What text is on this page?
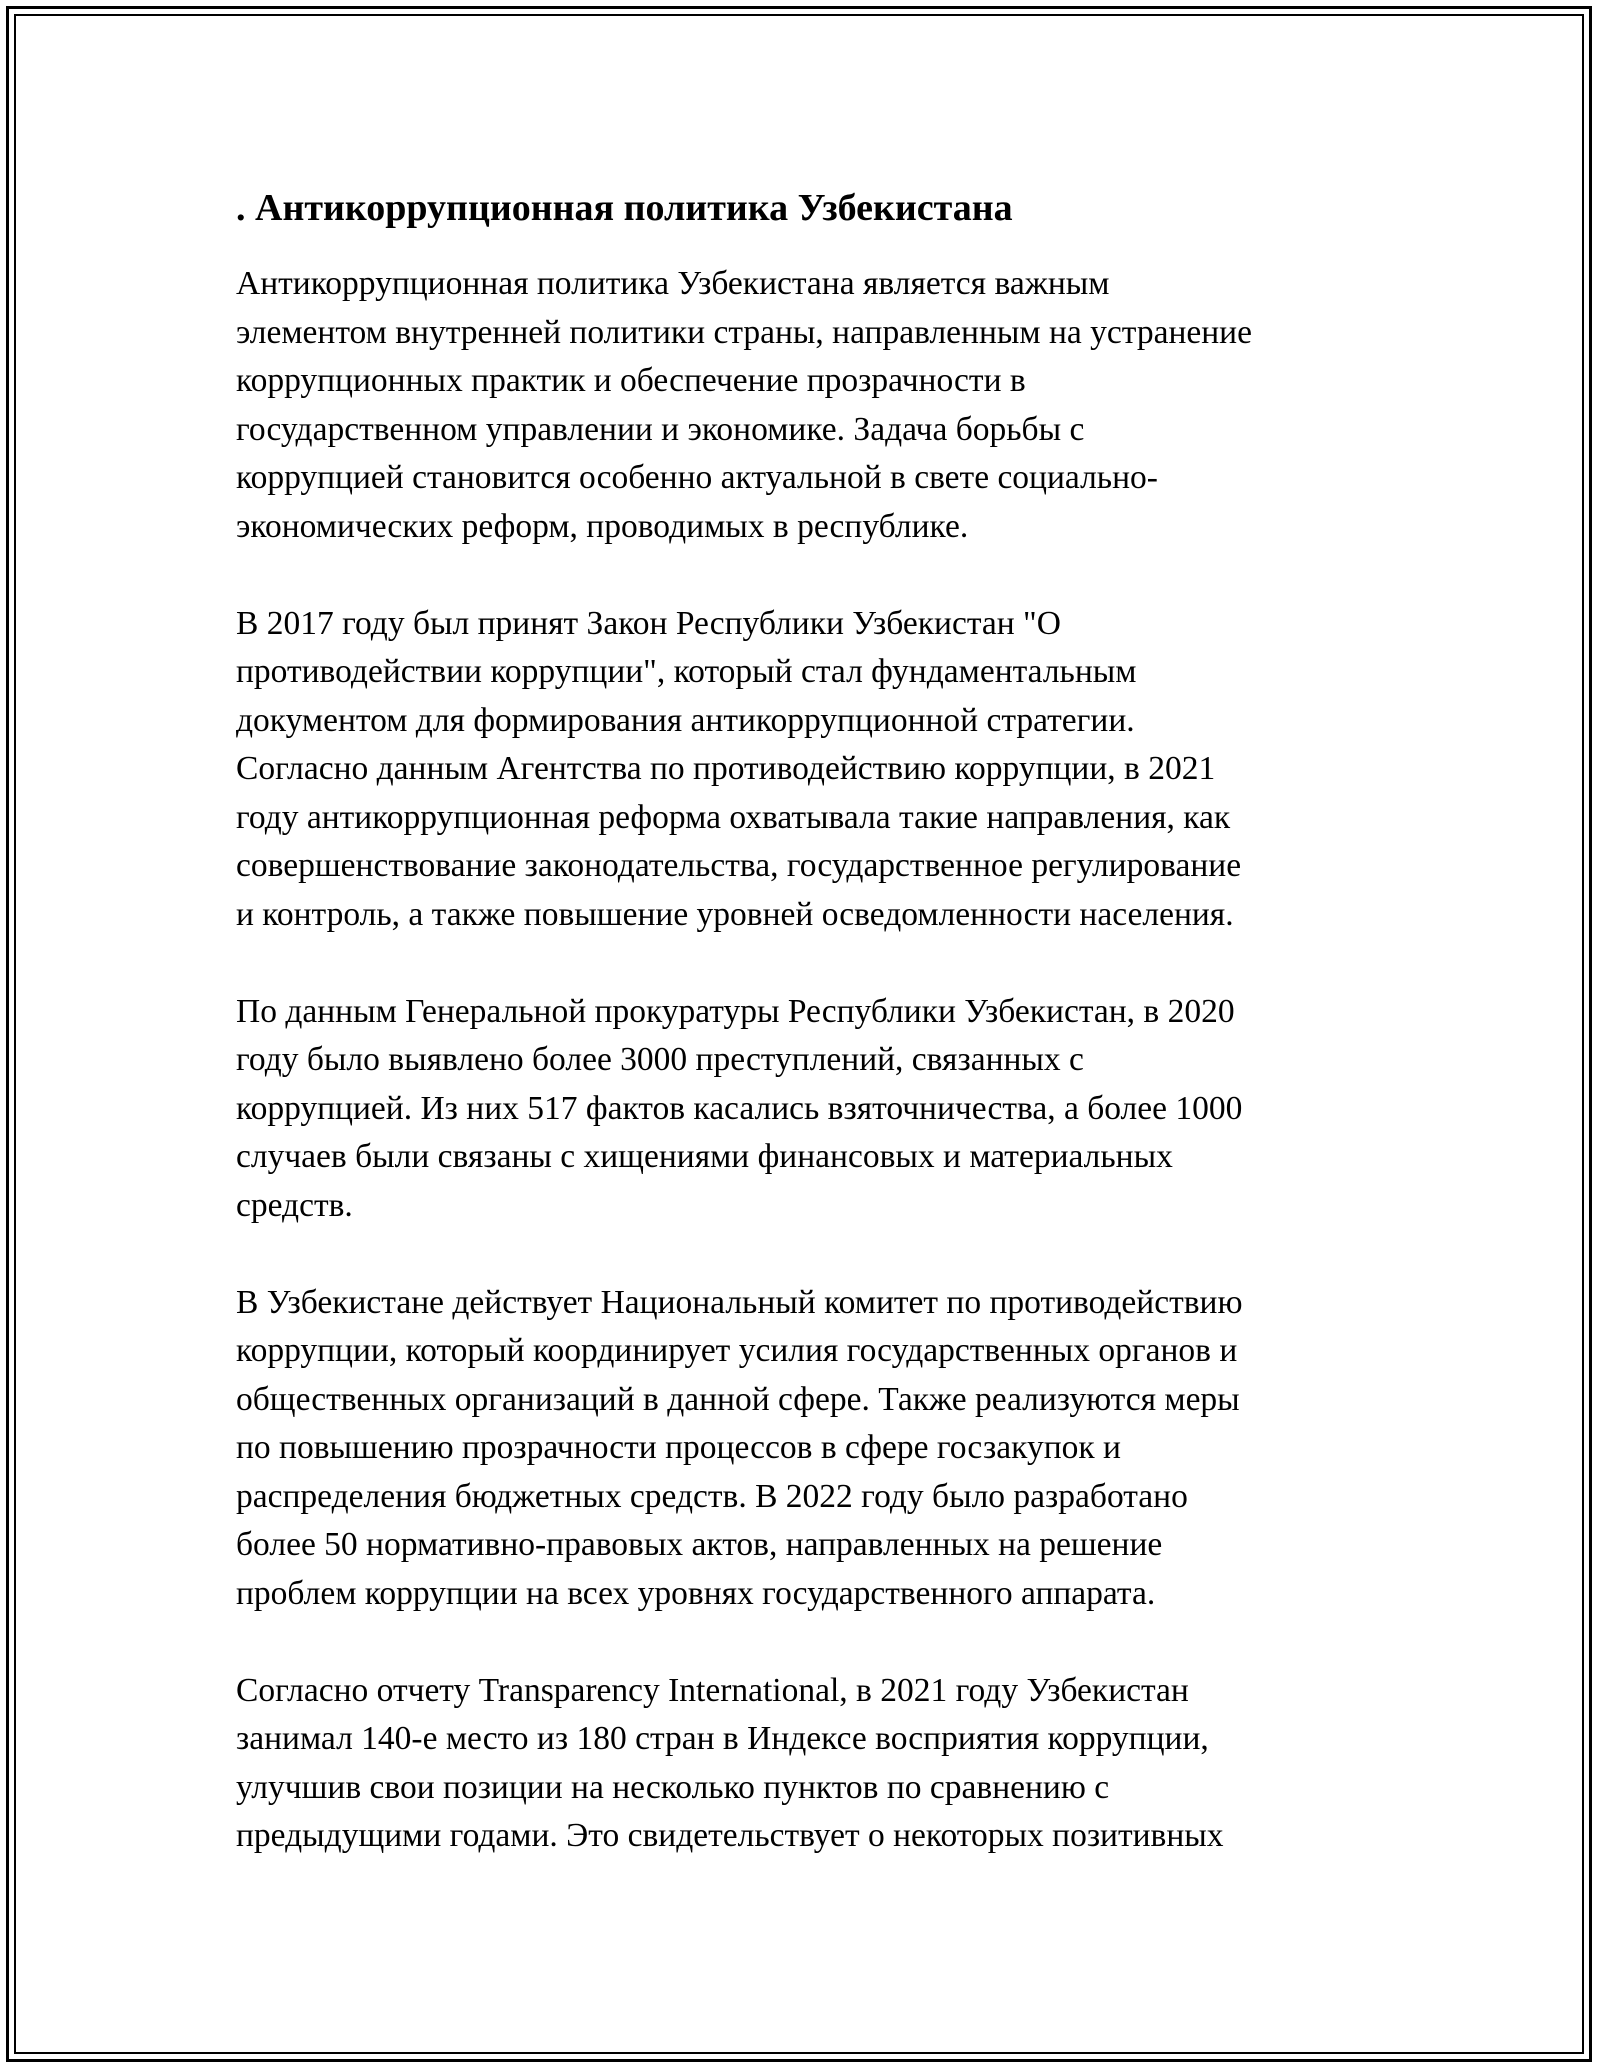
. Антикоррупционная политика Узбекистана

Антикоррупционная политика Узбекистана является важным
элементом внутренней политики страны, направленным на устранение
коррупционных практик и обеспечение прозрачности в
государственном управлении и экономике. Задача борьбы с
коррупцией становится особенно актуальной в свете социально-
экономических реформ, проводимых в республике.

В 2017 году был принят Закон Республики Узбекистан "О
противодействии коррупции", который стал фундаментальным
документом для формирования антикоррупционной стратегии.
Согласно данным Агентства по противодействию коррупции, в 2021
году антикоррупционная реформа охватывала такие направления, как
совершенствование законодательства, государственное регулирование
и контроль, а также повышение уровней осведомленности населения.

По данным Генеральной прокуратуры Республики Узбекистан, в 2020
году было выявлено более 3000 преступлений, связанных с
коррупцией. Из них 517 фактов касались взяточничества, а более 1000
случаев были связаны с хищениями финансовых и материальных
средств.

В Узбекистане действует Национальный комитет по противодействию
коррупции, который координирует усилия государственных органов и
общественных организаций в данной сфере. Также реализуются меры
по повышению прозрачности процессов в сфере госзакупок и
распределения бюджетных средств. В 2022 году было разработано
более 50 нормативно-правовых актов, направленных на решение
проблем коррупции на всех уровнях государственного аппарата.

Согласно отчету Transparency International, в 2021 году Узбекистан
занимал 140-е место из 180 стран в Индексе восприятия коррупции,
улучшив свои позиции на несколько пунктов по сравнению с
предыдущими годами. Это свидетельствует о некоторых позитивных
